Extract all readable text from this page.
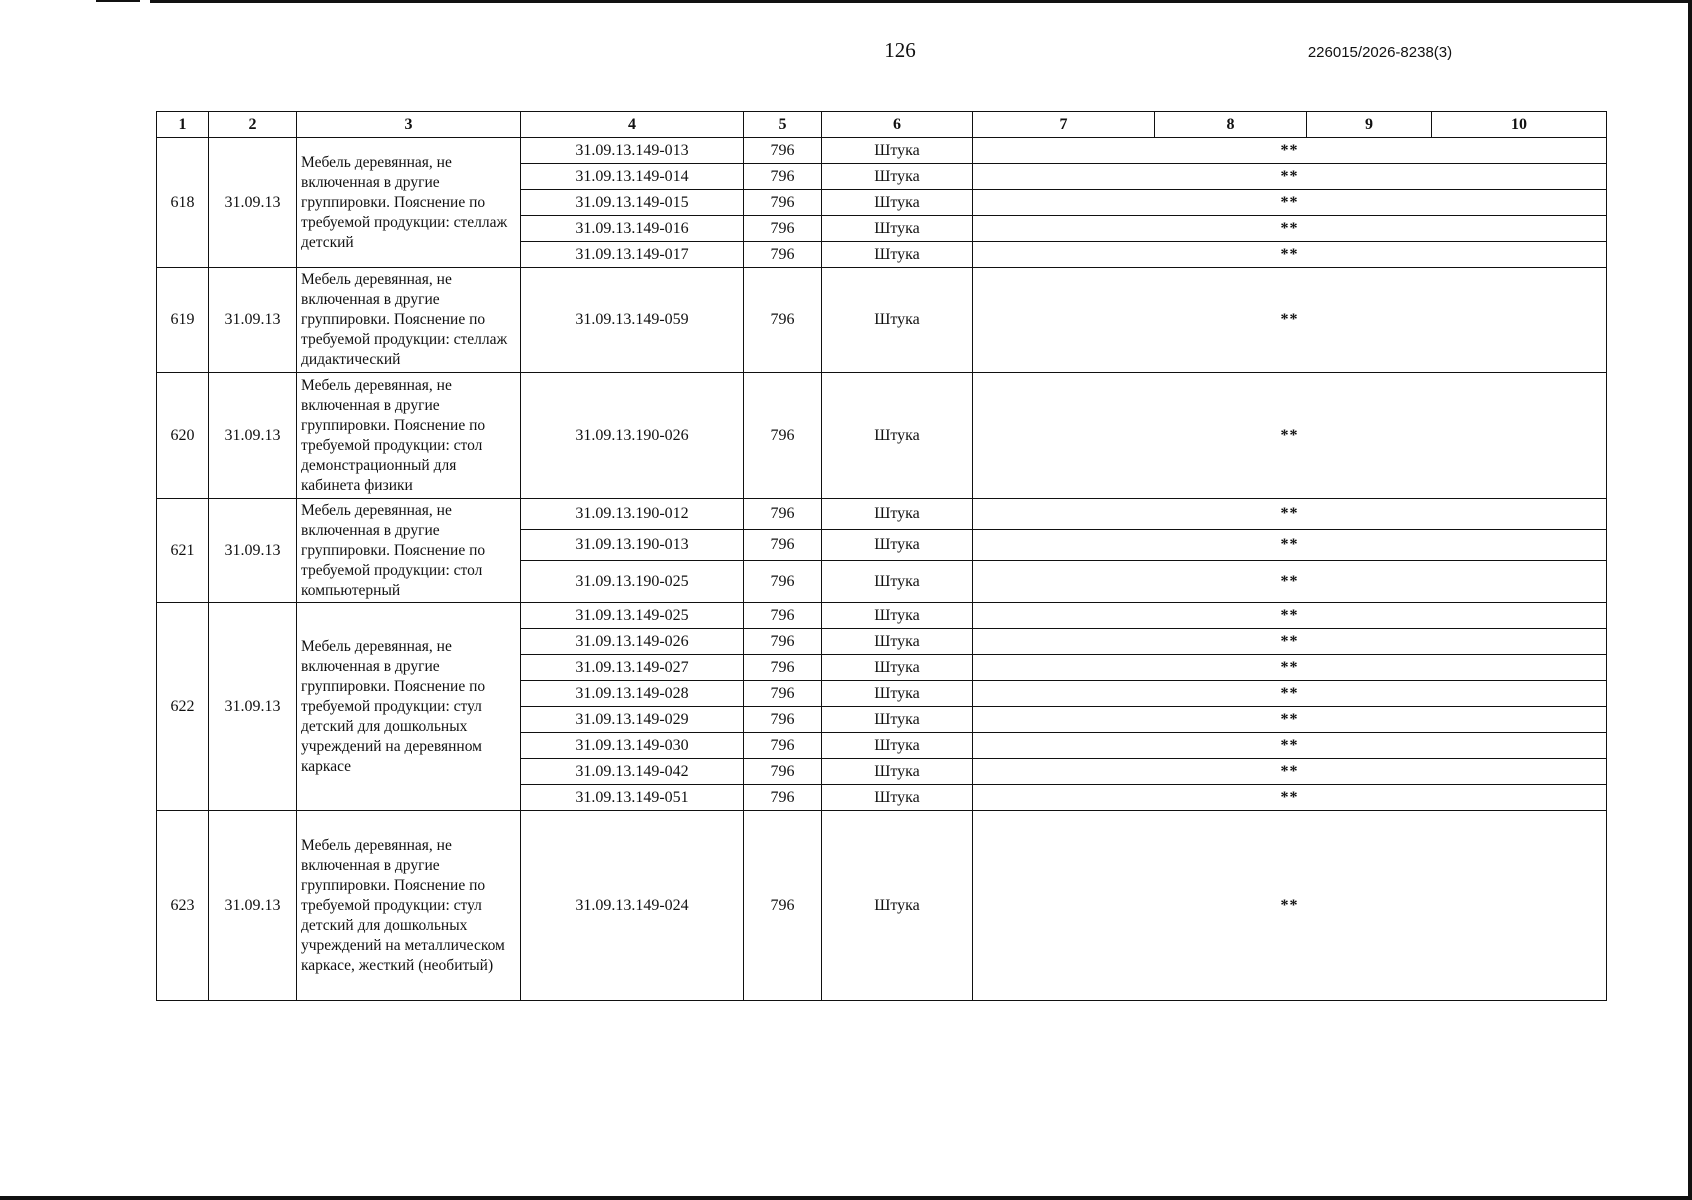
126	226015/2026-8238(3)
1	2	3	4	5	6	7	8	9	10
618	31.09.13	Мебель деревянная, не включенная в другие группировки. Пояснение по требуемой продукции: стеллаж детский	31.09.13.149-013	796	Штука	**			
			31.09.13.149-014	796	Штука	**			
			31.09.13.149-015	796	Штука	**			
			31.09.13.149-016	796	Штука	**			
			31.09.13.149-017	796	Штука	**			
619	31.09.13	Мебель деревянная, не включенная в другие группировки. Пояснение по требуемой продукции: стеллаж дидактический	31.09.13.149-059	796	Штука	**			
620	31.09.13	Мебель деревянная, не включенная в другие группировки. Пояснение по требуемой продукции: стол демонстрационный для кабинета физики	31.09.13.190-026	796	Штука	**			
621	31.09.13	Мебель деревянная, не включенная в другие группировки. Пояснение по требуемой продукции: стол компьютерный	31.09.13.190-012	796	Штука	**			
			31.09.13.190-013	796	Штука	**			
			31.09.13.190-025	796	Штука	**			
622	31.09.13	Мебель деревянная, не включенная в другие группировки. Пояснение по требуемой продукции: стул детский для дошкольных учреждений на деревянном каркасе	31.09.13.149-025	796	Штука	**			
			31.09.13.149-026	796	Штука	**			
			31.09.13.149-027	796	Штука	**			
			31.09.13.149-028	796	Штука	**			
			31.09.13.149-029	796	Штука	**			
			31.09.13.149-030	796	Штука	**			
			31.09.13.149-042	796	Штука	**			
			31.09.13.149-051	796	Штука	**			
623	31.09.13	Мебель деревянная, не включенная в другие группировки. Пояснение по требуемой продукции: стул детский для дошкольных учреждений на металлическом каркасе, жесткий (необитый)	31.09.13.149-024	796	Штука	**			
